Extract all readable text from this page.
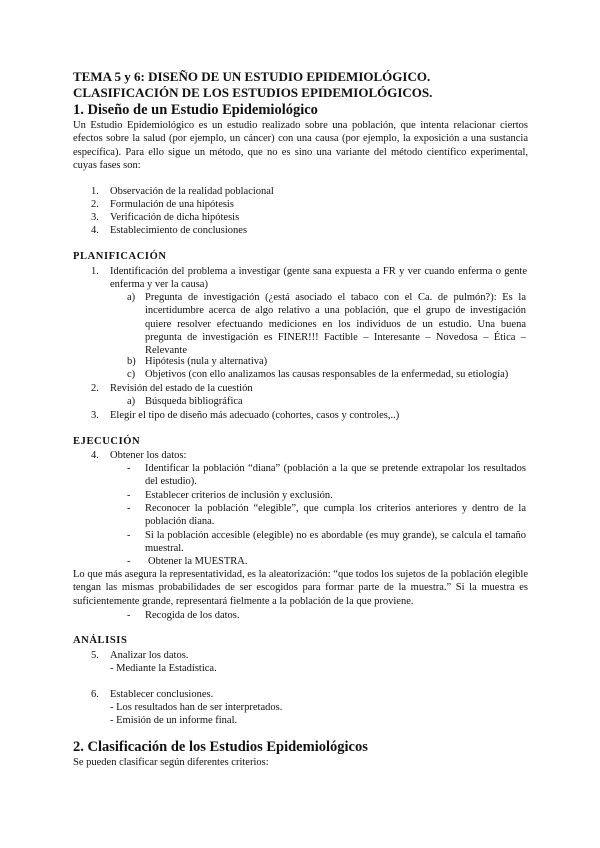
TEMA 5 y 6: DISEÑO DE UN ESTUDIO EPIDEMIOLÓGICO.
CLASIFICACIÓN DE LOS ESTUDIOS EPIDEMIOLÓGICOS.
1. Diseño de un Estudio Epidemiológico
Un Estudio Epidemiológico es un estudio realizado sobre una población, que intenta relacionar ciertos efectos sobre la salud (por ejemplo, un cáncer) con una causa (por ejemplo, la exposición a una sustancia específica). Para ello sigue un método, que no es sino una variante del método científico experimental, cuyas fases son:
1. Observación de la realidad poblacional
2. Formulación de una hipótesis
3. Verificación de dicha hipótesis
4. Establecimiento de conclusiones
PLANIFICACIÓN
1. Identificación del problema a investigar (gente sana expuesta a FR y ver cuando enferma o gente enferma y ver la causa)
a) Pregunta de investigación (¿está asociado el tabaco con el Ca. de pulmón?): Es la incertidumbre acerca de algo relativo a una población, que el grupo de investigación quiere resolver efectuando mediciones en los individuos de un estudio. Una buena pregunta de investigación es FINER!!! Factible – Interesante – Novedosa – Ética – Relevante
b) Hipótesis (nula y alternativa)
c) Objetivos (con ello analizamos las causas responsables de la enfermedad, su etiología)
2. Revisión del estado de la cuestión
a) Búsqueda bibliográfica
3. Elegir el tipo de diseño más adecuado (cohortes, casos y controles,..)
EJECUCIÓN
4. Obtener los datos:
- Identificar la población “diana” (población a la que se pretende extrapolar los resultados del estudio).
- Establecer criterios de inclusión y exclusión.
- Reconocer la población “elegible”, que cumpla los criterios anteriores y dentro de la población diana.
- Si la población accesible (elegible) no es abordable (es muy grande), se calcula el tamaño muestral.
- Obtener la MUESTRA.
Lo que más asegura la representatividad, es la aleatorización: “que todos los sujetos de la población elegible tengan las mismas probabilidades de ser escogidos para formar parte de la muestra.” Si la muestra es suficientemente grande, representará fielmente a la población de la que proviene.
- Recogida de los datos.
ANÁLISIS
5. Analizar los datos.
- Mediante la Estadística.
6. Establecer conclusiones.
- Los resultados han de ser interpretados.
- Emisión de un informe final.
2. Clasificación de los Estudios Epidemiológicos
Se pueden clasificar según diferentes criterios:
